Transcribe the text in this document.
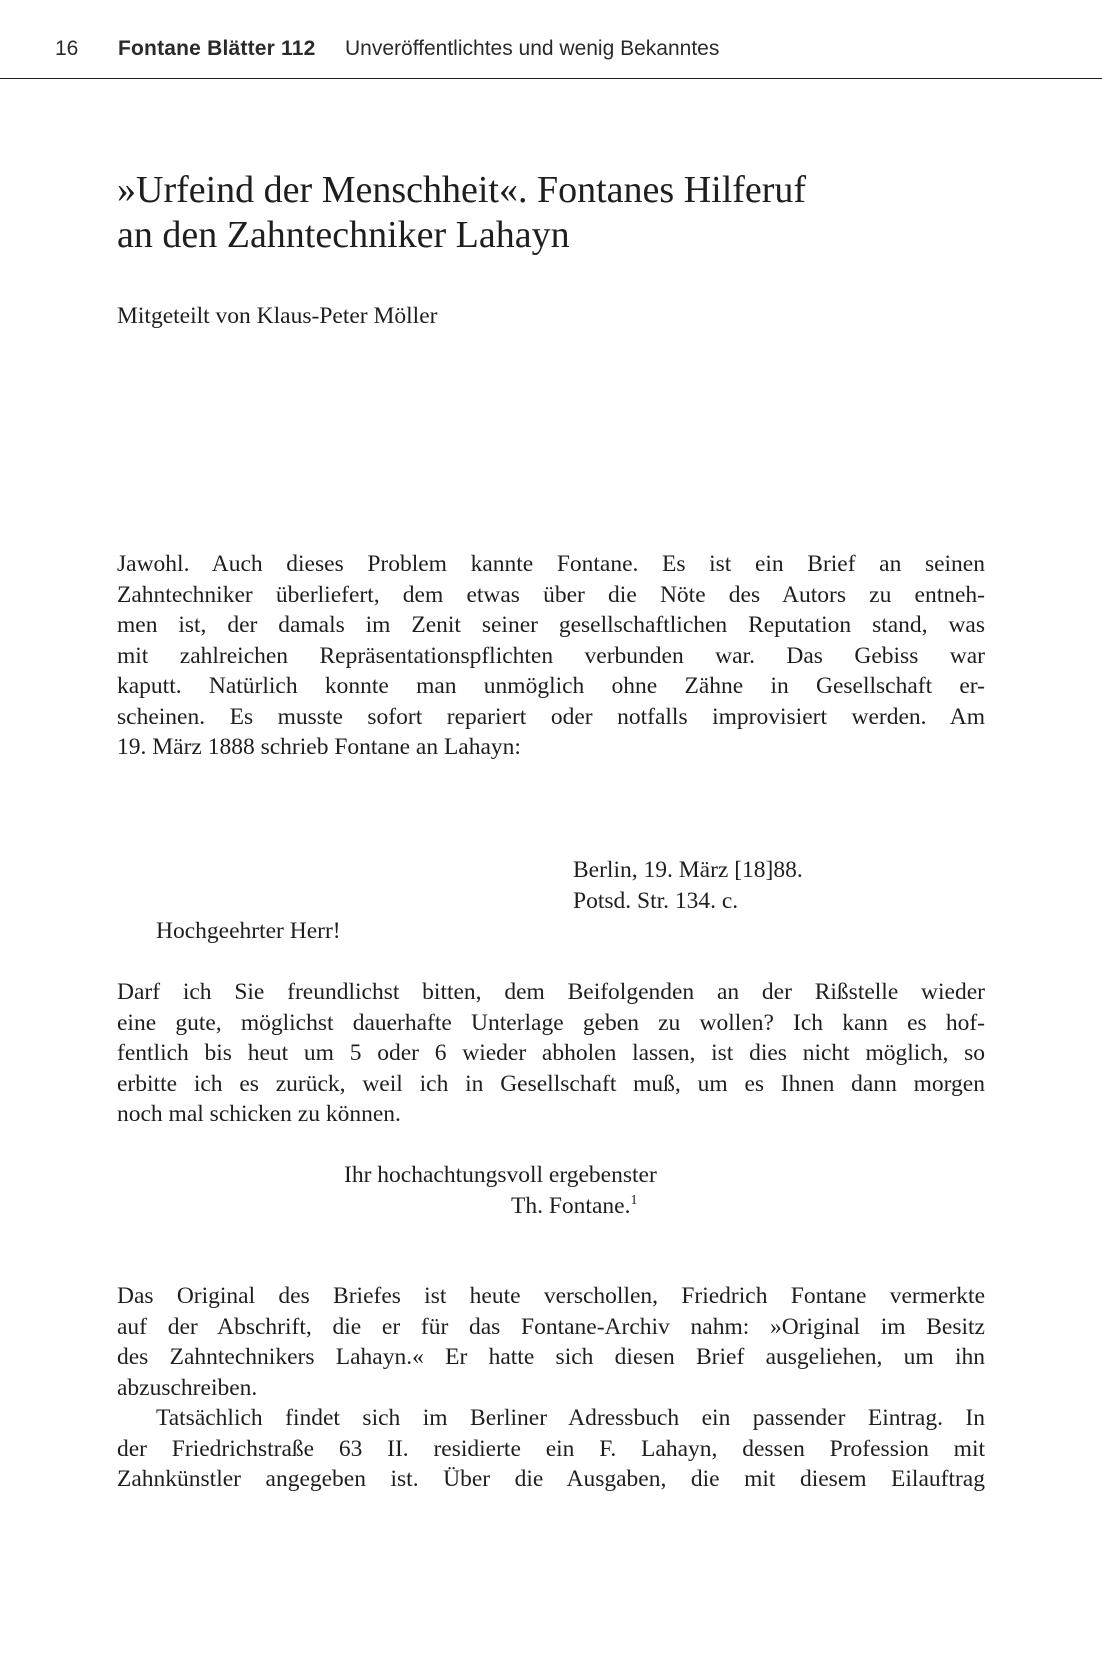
16 Fontane Blätter 112 Unveröffentlichtes und wenig Bekanntes
»Urfeind der Menschheit«. Fontanes Hilferuf
an den Zahntechniker Lahayn

Mitgeteilt von Klaus-Peter Möller

Jawohl. Auch dieses Problem kannte Fontane. Es ist ein Brief an seinen
Zahntechniker überliefert, dem etwas über die Nöte des Autors zu entneh-
men ist, der damals im Zenit seiner gesellschaftlichen Reputation stand, was
mit zahlreichen Repräsentationspflichten verbunden war. Das Gebiss war
kaputt. Natürlich konnte man unmöglich ohne Zähne in Gesellschaft er-
scheinen. Es musste sofort repariert oder notfalls improvisiert werden. Am
19. März 1888 schrieb Fontane an Lahayn:

Berlin, 19. März [18]88.
Potsd. Str. 134. c.
Hochgeehrter Herr!

Darf ich Sie freundlichst bitten, dem Beifolgenden an der Rißstelle wieder
eine gute, möglichst dauerhafte Unterlage geben zu wollen? Ich kann es hof-
fentlich bis heut um 5 oder 6 wieder abholen lassen, ist dies nicht möglich, so
erbitte ich es zurück, weil ich in Gesellschaft muß, um es Ihnen dann morgen
noch mal schicken zu können.

Ihr hochachtungsvoll ergebenster
Th. Fontane.$^1$

Das Original des Briefes ist heute verschollen, Friedrich Fontane vermerkte
auf der Abschrift, die er für das Fontane-Archiv nahm: »Original im Besitz
des Zahntechnikers Lahayn.« Er hatte sich diesen Brief ausgeliehen, um ihn
abzuschreiben.

Tatsächlich findet sich im Berliner Adressbuch ein passender Eintrag. In
der Friedrichstraße 63 II. residierte ein F. Lahayn, dessen Profession mit
Zahnkünstler angegeben ist. Über die Ausgaben, die mit diesem Eilauftrag
